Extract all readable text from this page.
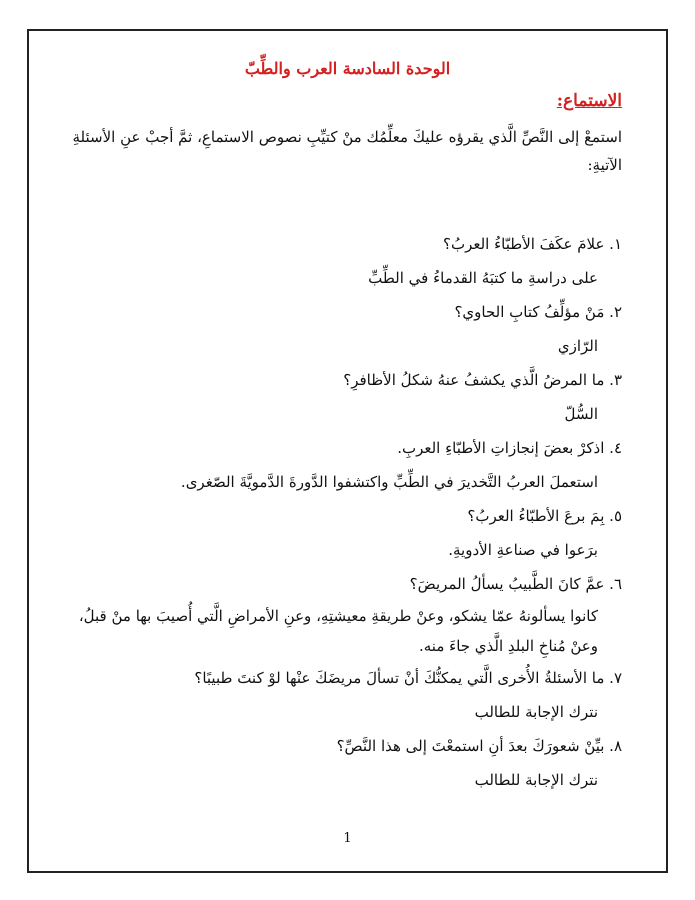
الوحدة السادسة العرب والطِّبّ
الاستماع:
استمعْ إلى النَّصِّ الَّذي يقرؤه عليكَ معلِّمُك منْ كتيِّبِ نصوص الاستماعِ، ثمَّ أجبْ عنِ الأسئلةِ الآتيةِ:
١. علامَ عكَفَ الأطبّاءُ العربُ؟
على دراسةِ ما كتبَهُ القدماءُ في الطِّبِّ
٢. مَنْ مؤلِّفُ كتابِ الحاوي؟
الرّازي
٣. ما المرضُ الَّذي يكشفُ عنهُ شكلُ الأظافرِ؟
السُّلّ
٤. اذكرْ بعضَ إنجازاتِ الأطبّاءِ العربِ.
استعملَ العربُ التَّخديرَ في الطِّبِّ واكتشفوا الدَّورةَ الدَّمويَّةَ الصّغرى.
٥. بِمَ برعَ الأطبّاءُ العربُ؟
برَعوا في صناعةِ الأدويةِ.
٦. عمَّ كانَ الطَّبيبُ يسألُ المريضَ؟
كانوا يسألونهُ عمّا يشكو، وعنْ طريقةِ معيشتِهِ، وعنِ الأمراضِ الَّتي أُصيبَ بها منْ قبلُ، وعنْ مُناخِ البلدِ الَّذي جاءَ منه.
٧. ما الأسئلةُ الأُخرى الَّتي يمكنُّكَ أنْ تسألَ مريضَكَ عنْها لوْ كنتَ طبيبًا؟
نترك الإجابة للطالب
٨. بيِّنْ شعورَكَ بعدَ أنِ استمعْتَ إلى هذا النَّصِّ؟
نترك الإجابة للطالب
1
